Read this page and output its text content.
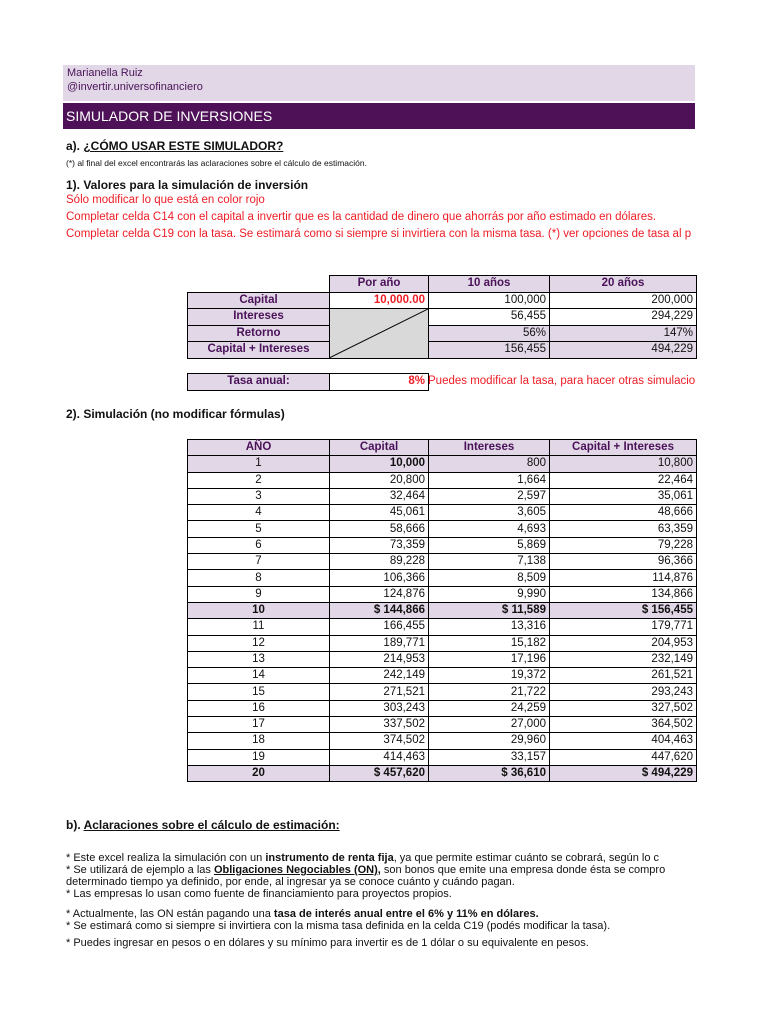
Marianella Ruiz
@invertir.universofinanciero
SIMULADOR DE INVERSIONES
a). ¿CÓMO USAR ESTE SIMULADOR?
(*) al final del excel encontrarás las aclaraciones sobre el cálculo de estimación.
1). Valores para la simulación de inversión
Sólo modificar lo que está en color rojo
Completar celda C14 con el capital a invertir que es la cantidad de dinero que ahorrás por año estimado en dólares.
Completar celda C19 con la tasa. Se estimará como si siempre si invirtiera con la misma tasa. (*) ver opciones de tasa al p
	Por año	10 años	20 años
Capital	10,000.00	100,000	200,000
Intereses		56,455	294,229
Retorno		56%	147%
Capital + Intereses		156,455	494,229
Tasa anual:	8% Puedes modificar la tasa, para hacer otras simulacio
2). Simulación (no modificar fórmulas)
AÑO	Capital	Intereses	Capital + Intereses
1	10,000	800	10,800
2	20,800	1,664	22,464
3	32,464	2,597	35,061
4	45,061	3,605	48,666
5	58,666	4,693	63,359
6	73,359	5,869	79,228
7	89,228	7,138	96,366
8	106,366	8,509	114,876
9	124,876	9,990	134,866
10	$ 144,866	$ 11,589	$ 156,455
11	166,455	13,316	179,771
12	189,771	15,182	204,953
13	214,953	17,196	232,149
14	242,149	19,372	261,521
15	271,521	21,722	293,243
16	303,243	24,259	327,502
17	337,502	27,000	364,502
18	374,502	29,960	404,463
19	414,463	33,157	447,620
20	$ 457,620	$ 36,610	$ 494,229
b). Aclaraciones sobre el cálculo de estimación:
* Este excel realiza la simulación con un instrumento de renta fija, ya que permite estimar cuánto se cobrará, según lo c
* Se utilizará de ejemplo a las Obligaciones Negociables (ON), son bonos que emite una empresa donde ésta se compro
determinado tiempo ya definido, por ende, al ingresar ya se conoce cuánto y cuándo pagan.
* Las empresas lo usan como fuente de financiamiento para proyectos propios.
* Actualmente, las ON están pagando una tasa de interés anual entre el 6% y 11% en dólares.
* Se estimará como si siempre si invirtiera con la misma tasa definida en la celda C19 (podés modificar la tasa).
* Puedes ingresar en pesos o en dólares y su mínimo para invertir es de 1 dólar o su equivalente en pesos.
